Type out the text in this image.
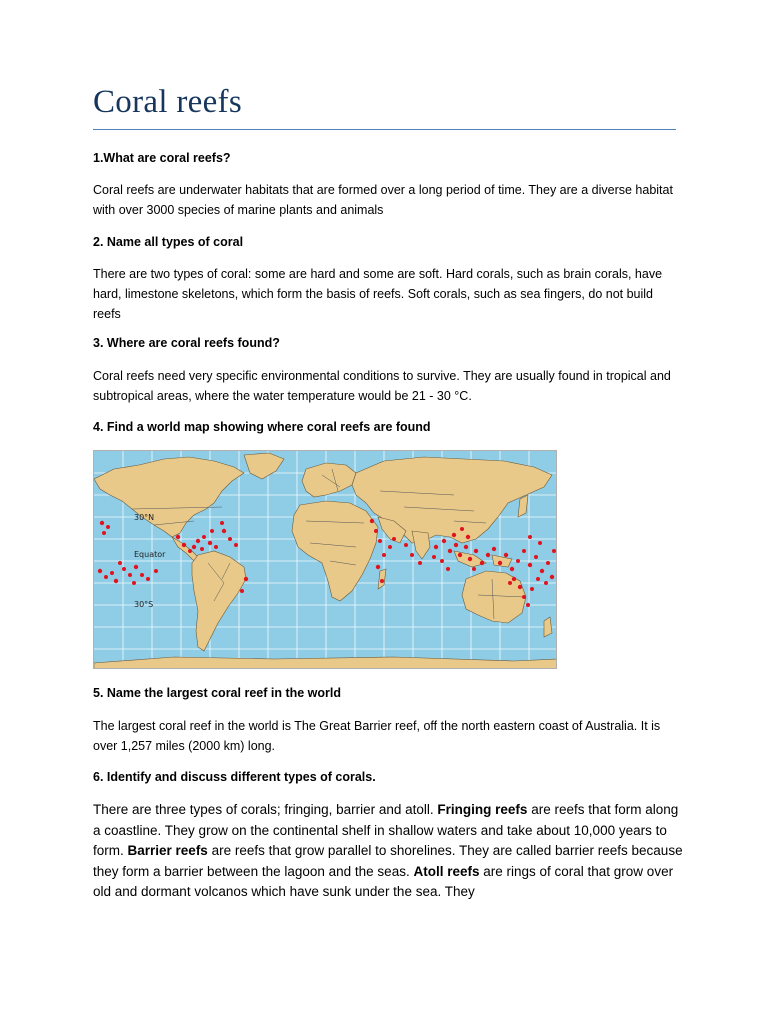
Coral reefs

1.What are coral reefs?

Coral reefs are underwater habitats that are formed over a long period of time. They are a diverse habitat with over 3000 species of marine plants and animals

2. Name all types of coral

There are two types of coral: some are hard and some are soft. Hard corals, such as brain corals, have hard, limestone skeletons, which form the basis of reefs. Soft corals, such as sea fingers, do not build reefs

3. Where are coral reefs found?

Coral reefs need very specific environmental conditions to survive. They are usually found in tropical and subtropical areas, where the water temperature would be 21 - 30 °C.

4. Find a world map showing where coral reefs are found

30°N
Equator
30°S

5. Name the largest coral reef in the world

The largest coral reef in the world is The Great Barrier reef, off the north eastern coast of Australia. It is over 1,257 miles (2000 km) long.

6. Identify and discuss different types of corals.

There are three types of corals; fringing, barrier and atoll. Fringing reefs are reefs that form along a coastline. They grow on the continental shelf in shallow waters and take about 10,000 years to form. Barrier reefs are reefs that grow parallel to shorelines. They are called barrier reefs because they form a barrier between the lagoon and the seas. Atoll reefs are rings of coral that grow over old and dormant volcanos which have sunk under the sea. They
